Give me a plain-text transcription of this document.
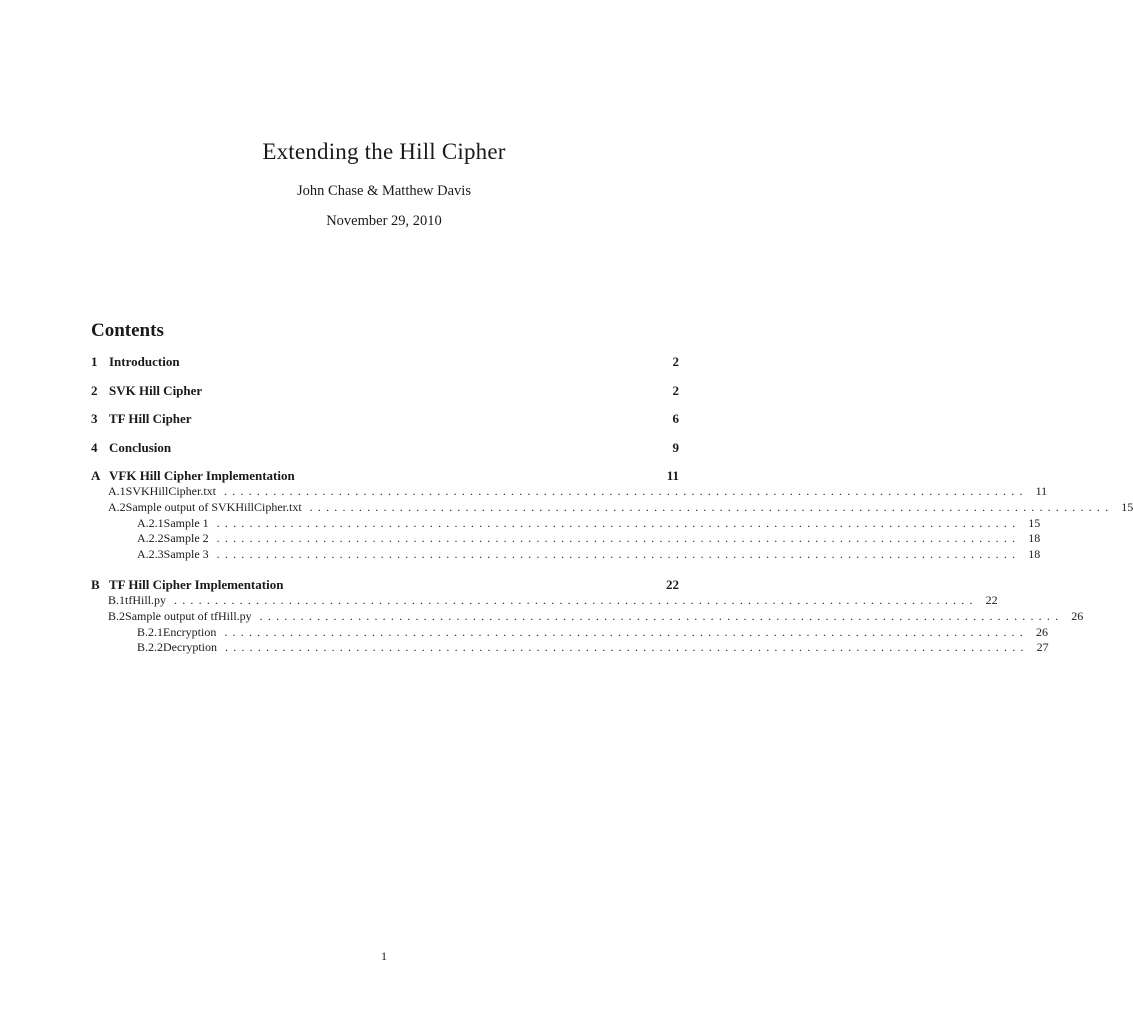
Extending the Hill Cipher
John Chase & Matthew Davis
November 29, 2010
Contents
1 Introduction	2
2 SVK Hill Cipher	2
3 TF Hill Cipher	6
4 Conclusion	9
A VFK Hill Cipher Implementation	11
A.1 SVKHillCipher.txt .................................................................................................. 11
A.2 Sample output of SVKHillCipher.txt .................................................................................................. 15
A.2.1 Sample 1 .................................................................................................. 15
A.2.2 Sample 2 .................................................................................................. 18
A.2.3 Sample 3 .................................................................................................. 18
B TF Hill Cipher Implementation	22
B.1 tfHill.py .................................................................................................. 22
B.2 Sample output of tfHill.py .................................................................................................. 26
B.2.1 Encryption .................................................................................................. 26
B.2.2 Decryption .................................................................................................. 27
1
